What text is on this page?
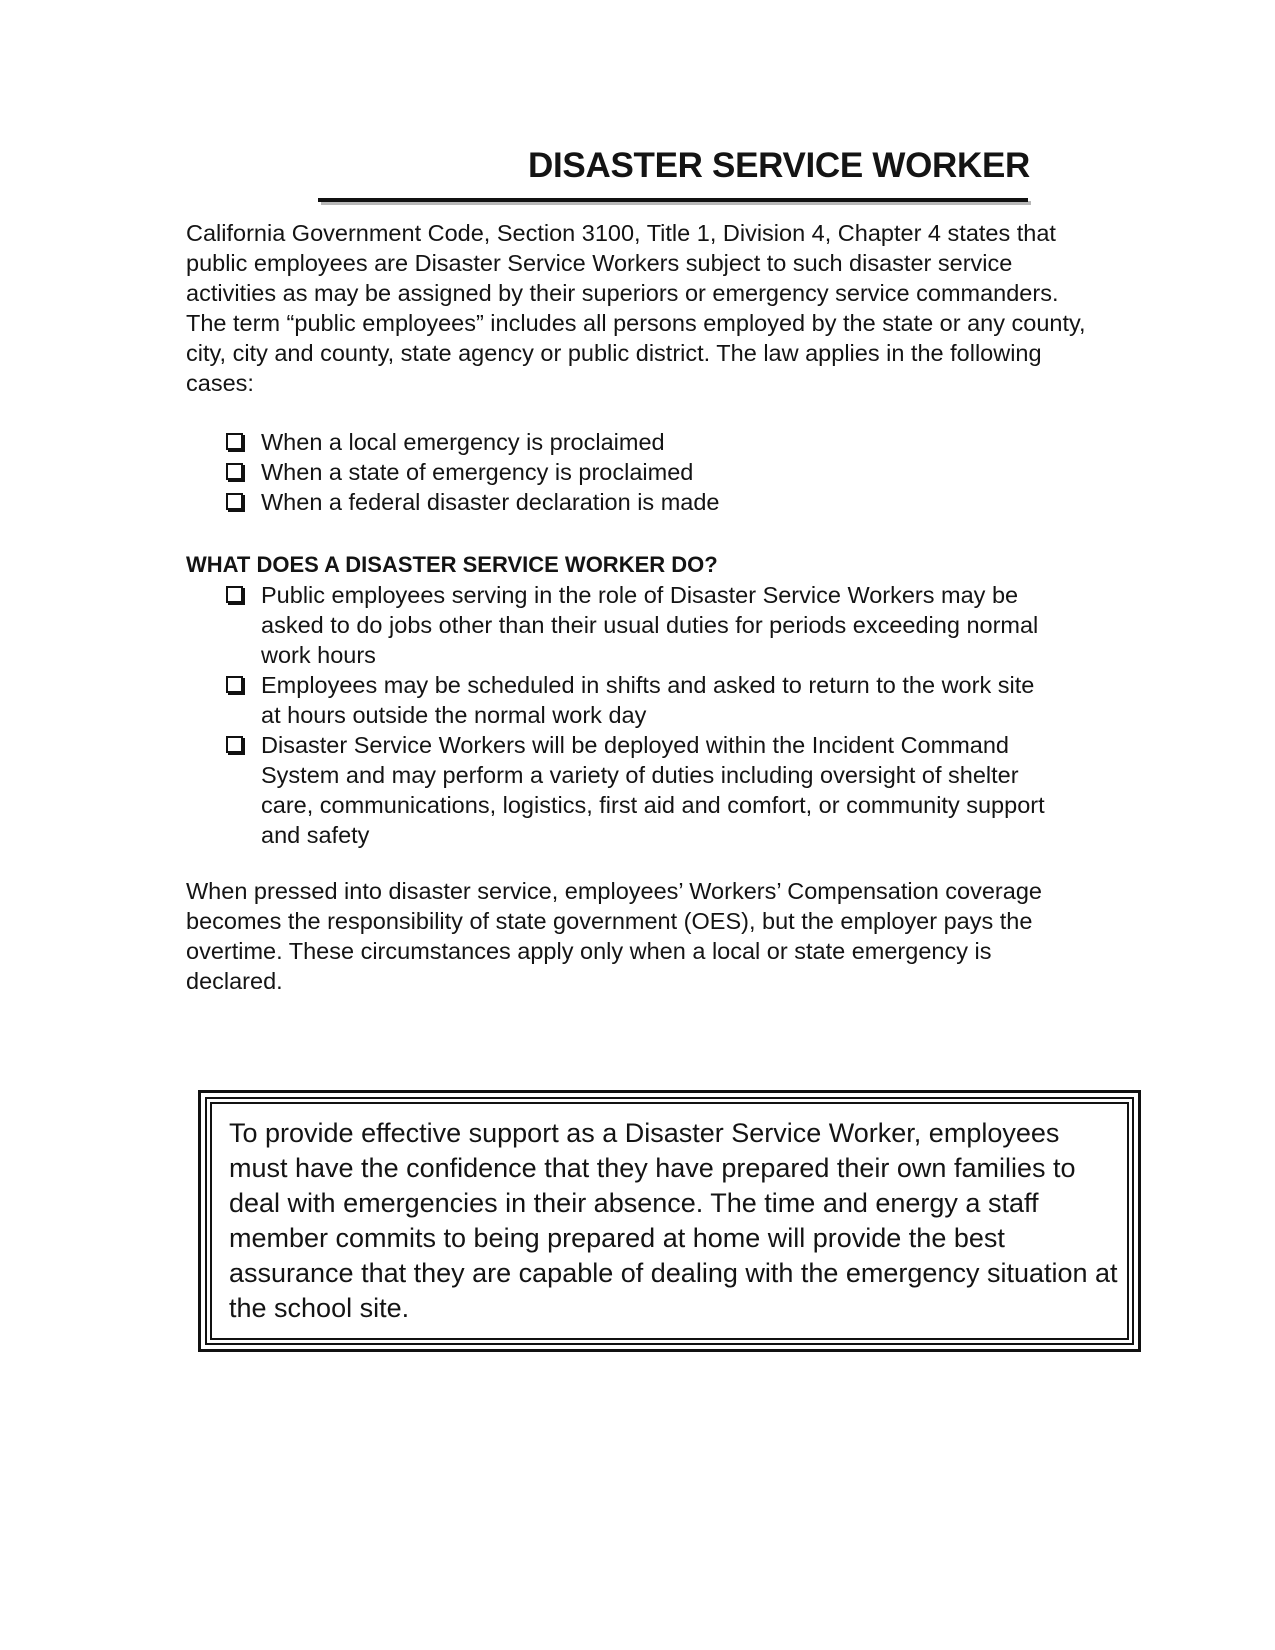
DISASTER SERVICE WORKER

California Government Code, Section 3100, Title 1, Division 4, Chapter 4 states that public employees are Disaster Service Workers subject to such disaster service activities as may be assigned by their superiors or emergency service commanders. The term “public employees” includes all persons employed by the state or any county, city, city and county, state agency or public district. The law applies in the following cases:

When a local emergency is proclaimed
When a state of emergency is proclaimed
When a federal disaster declaration is made
WHAT DOES A DISASTER SERVICE WORKER DO?
Public employees serving in the role of Disaster Service Workers may be asked to do jobs other than their usual duties for periods exceeding normal work hours
Employees may be scheduled in shifts and asked to return to the work site at hours outside the normal work day
Disaster Service Workers will be deployed within the Incident Command System and may perform a variety of duties including oversight of shelter care, communications, logistics, first aid and comfort, or community support and safety

When pressed into disaster service, employees’ Workers’ Compensation coverage becomes the responsibility of state government (OES), but the employer pays the overtime. These circumstances apply only when a local or state emergency is declared.

To provide effective support as a Disaster Service Worker, employees must have the confidence that they have prepared their own families to deal with emergencies in their absence. The time and energy a staff member commits to being prepared at home will provide the best assurance that they are capable of dealing with the emergency situation at the school site.
